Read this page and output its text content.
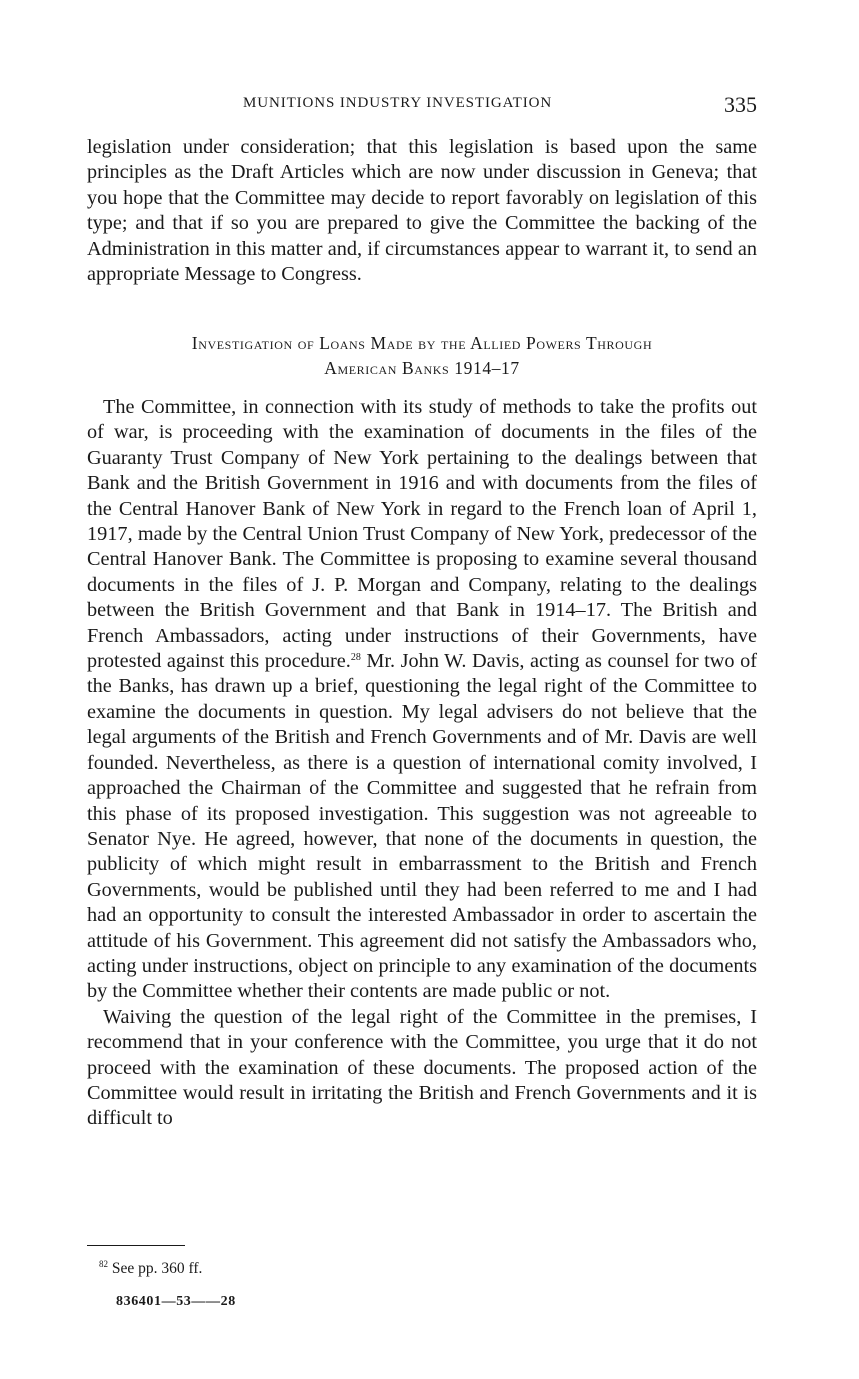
MUNITIONS INDUSTRY INVESTIGATION	335

legislation under consideration; that this legislation is based upon the same principles as the Draft Articles which are now under discussion in Geneva; that you hope that the Committee may decide to report favorably on legislation of this type; and that if so you are prepared to give the Committee the backing of the Administration in this matter and, if circumstances appear to warrant it, to send an appropriate Message to Congress.

Investigation of Loans Made by the Allied Powers Through
American Banks 1914–17

The Committee, in connection with its study of methods to take the profits out of war, is proceeding with the examination of documents in the files of the Guaranty Trust Company of New York pertaining to the dealings between that Bank and the British Government in 1916 and with documents from the files of the Central Hanover Bank of New York in regard to the French loan of April 1, 1917, made by the Central Union Trust Company of New York, predecessor of the Central Hanover Bank. The Committee is proposing to examine several thousand documents in the files of J. P. Morgan and Company, relating to the dealings between the British Government and that Bank in 1914–17. The British and French Ambassadors, acting under instructions of their Governments, have protested against this procedure.$^{28}$ Mr. John W. Davis, acting as counsel for two of the Banks, has drawn up a brief, questioning the legal right of the Committee to examine the documents in question. My legal advisers do not believe that the legal arguments of the British and French Governments and of Mr. Davis are well founded. Nevertheless, as there is a question of international comity involved, I approached the Chairman of the Committee and suggested that he refrain from this phase of its proposed investigation. This suggestion was not agreeable to Senator Nye. He agreed, however, that none of the documents in question, the publicity of which might result in embarrassment to the British and French Governments, would be published until they had been referred to me and I had had an opportunity to consult the interested Ambassador in order to ascertain the attitude of his Government. This agreement did not satisfy the Ambassadors who, acting under instructions, object on principle to any examination of the documents by the Committee whether their contents are made public or not.

Waiving the question of the legal right of the Committee in the premises, I recommend that in your conference with the Committee, you urge that it do not proceed with the examination of these documents. The proposed action of the Committee would result in irritating the British and French Governments and it is difficult to

$^{82}$ See pp. 360 ff.
836401—53——28
